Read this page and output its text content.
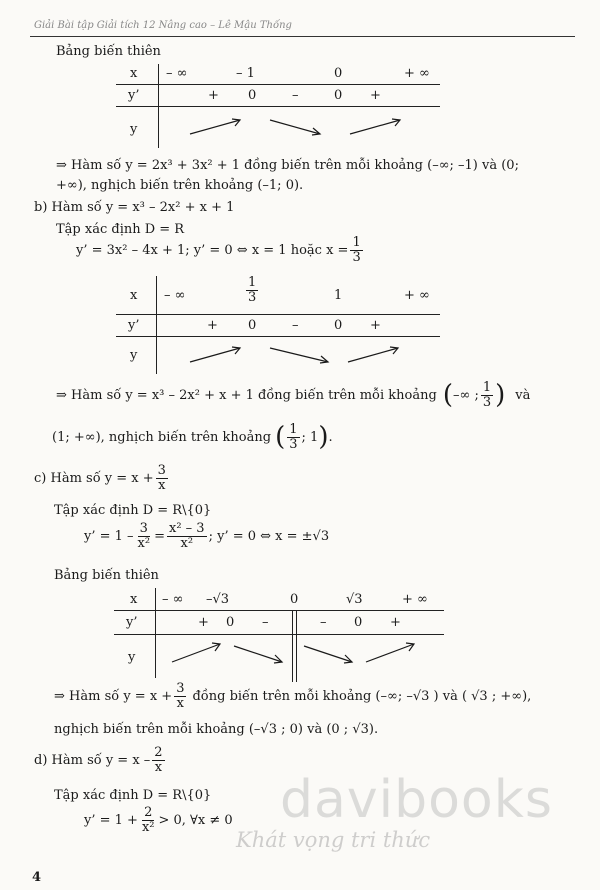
Giải Bài tập Giải tích 12 Nâng cao – Lê Mậu Thống
Bảng biến thiên
x – ∞	– 1	0	+ ∞
y’	+ 0	–	0 +
y
⇒ Hàm số y = 2x³ + 3x² + 1 đồng biến trên mỗi khoảng (–∞; –1) và (0;
+∞), nghịch biến trên khoảng (–1; 0).
b) Hàm số y = x³ – 2x² + x + 1
Tập xác định D = R
y’ = 3x² – 4x + 1; y’ = 0 ⇔ x = 1 hoặc $x = \frac{1}{3}$
x – ∞	$\frac{1}{3}$	1	+ ∞
y’	+ 0	–	0 +
y
⇒ Hàm số y = x³ – 2x² + x + 1 đồng biến trên mỗi khoảng ( –∞ ; $\frac{1}{3}$ ) và
(1; +∞), nghịch biến trên khoảng ( $\frac{1}{3}$ ; 1 ) .
c) Hàm số $y = x + \frac{3}{x}$
Tập xác định D = R\{0}
y’ = $1 - \frac{3}{\text{x²}} = \frac{\text{x² – 3}}{\text{x²}}$ ; y’ = 0 ⇔ x = ±√3
Bảng biến thiên
x – ∞ –√3	0	√3	+ ∞
y’	+ 0 –	– 0 +
y
⇒ Hàm số $y = x + \frac{3}{x}$ đồng biến trên mỗi khoảng (–∞; –√3 ) và ( √3 ; +∞),
nghịch biến trên mỗi khoảng (–√3 ; 0) và (0 ; √3).
d) Hàm số $y = x - \frac{2}{x}$
Tập xác định D = R\{0}
y’ = $1 + \frac{2}{\text{x²}} > 0$, ∀x ≠ 0 davibooks
Khát vọng tri thức
4
